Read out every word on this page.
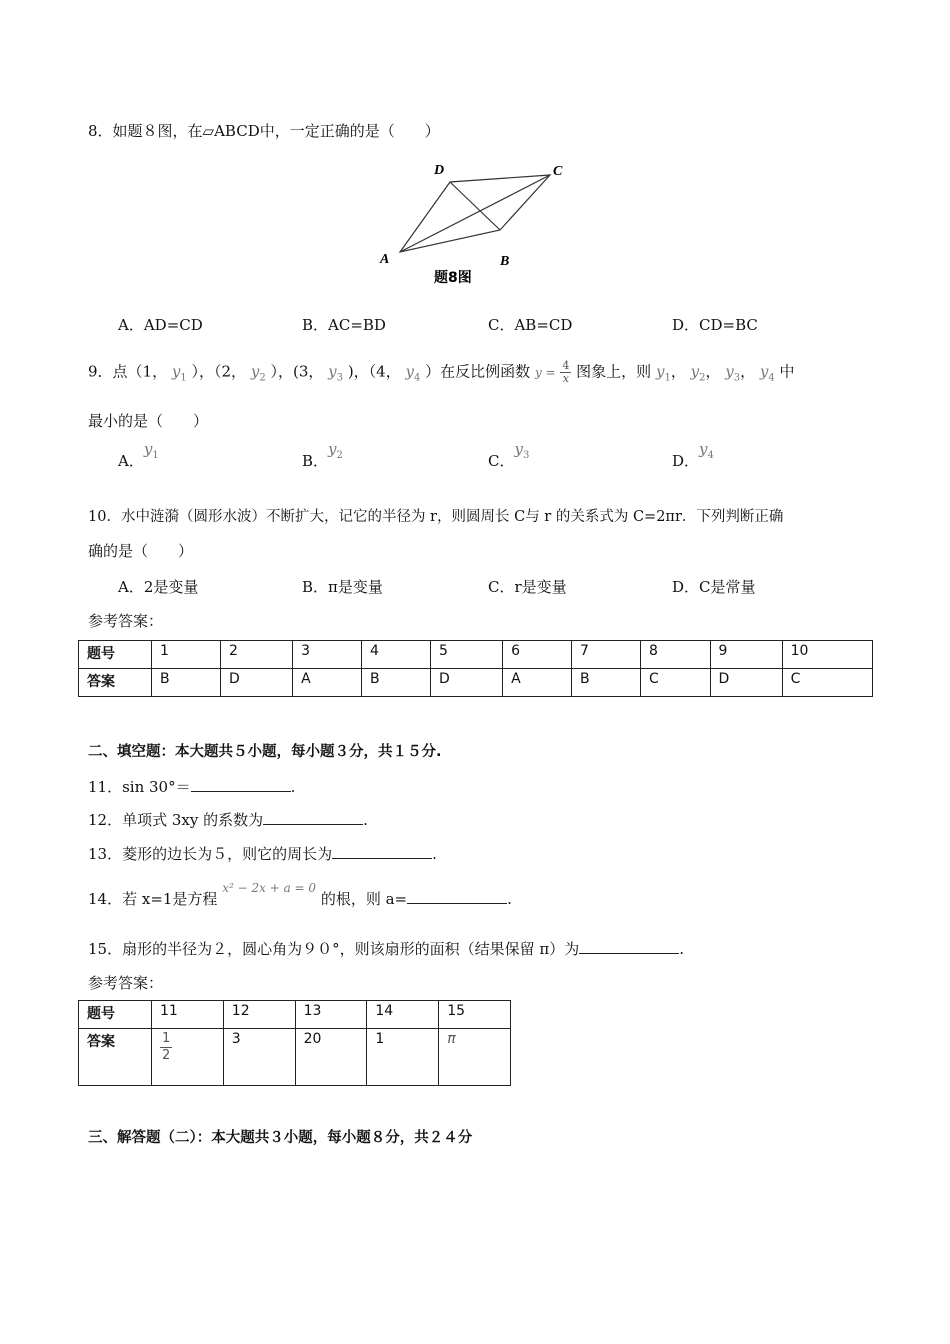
8．如题８图，在▱ABCD中，一定正确的是（　　）
A	B
C
D
题8图
A．AD=CD	B．AC=BD	C．AB=CD	D．CD=BC
9．点（1， $y_1$ ），（2， $y_2$ ），(3， $y_3$ )，（4， $y_4$ ）在反比例函数 $y = \frac{4}{x}$ 图象上，则 $y_1$， $y_2$， $y_3$， $y_4$ 中
最小的是（　　）
A．$y^1$	B．$y^2$	C．$y^3$	D．$y^4$
10．水中涟漪（圆形水波）不断扩大，记它的半径为 r，则圆周长 C与 r 的关系式为 C=2πr．下列判断正确
确的是（　　）
A．2是变量	B．π是变量	C．r是变量	D．C是常量
参考答案：
题号	1	2	3	4	5	6	7	8	9	10
答案	B	D	A	B	D	A	B	C	D	C
二、填空题：本大题共５小题，每小题３分，共１５分.
11．sin 30°＝	.
12．单项式 3xy 的系数为	.
13．菱形的边长为５，则它的周长为	.
14．若 x=1是方程 $^{x^2 - 2x + a = 0}$ 的根，则 a=	.
15．扇形的半径为２，圆心角为９０°，则该扇形的面积（结果保留 π）为	.
参考答案：
题号	11	12	13	14	15
答案	$\frac{1}{2}$	3	20	1	π
三、解答题（二）：本大题共３小题，每小题８分，共２４分
